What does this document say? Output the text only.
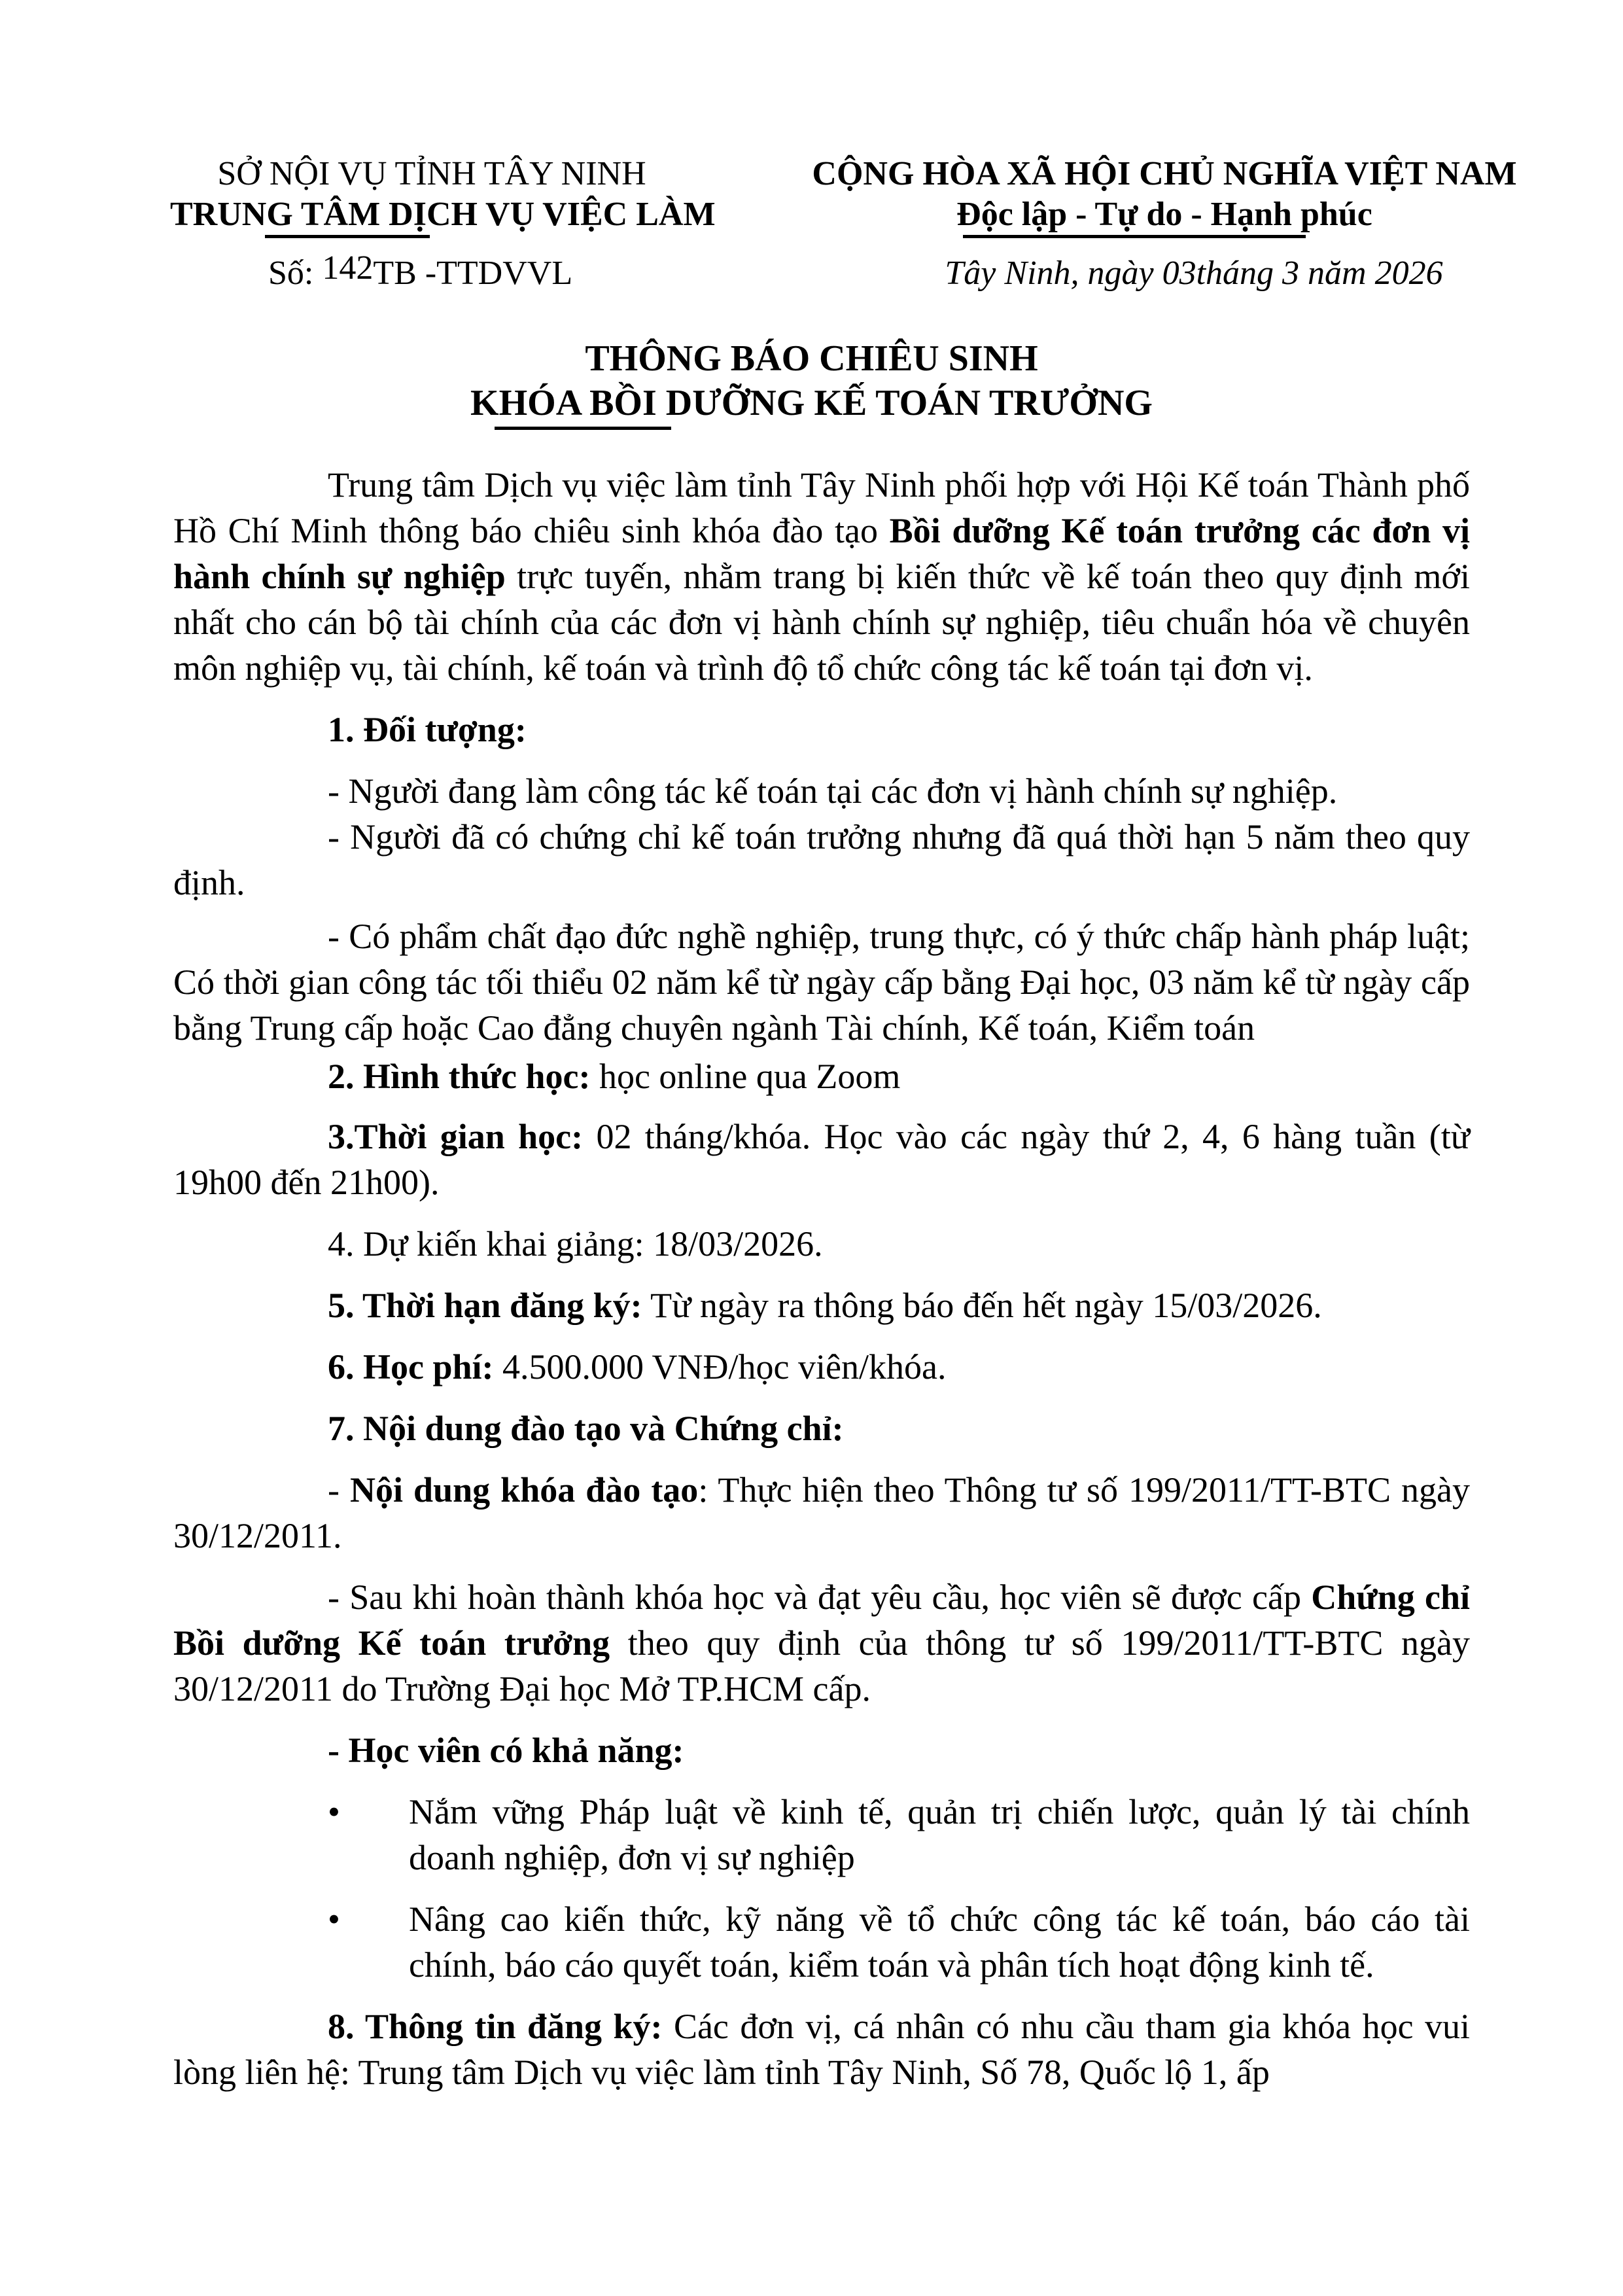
SỞ NỘI VỤ TỈNH TÂY NINH
TRUNG TÂM DỊCH VỤ VIỆC LÀM
Số: 142TB -TTDVVL
CỘNG HÒA XÃ HỘI CHỦ NGHĨA VIỆT NAM
Độc lập - Tự do - Hạnh phúc
Tây Ninh, ngày 03tháng 3 năm 2026
THÔNG BÁO CHIÊU SINH
KHÓA BỒI DƯỠNG KẾ TOÁN TRƯỞNG

Trung tâm Dịch vụ việc làm tỉnh Tây Ninh phối hợp với Hội Kế toán Thành phố Hồ Chí Minh thông báo chiêu sinh khóa đào tạo Bồi dưỡng Kế toán trưởng các đơn vị hành chính sự nghiệp trực tuyến, nhằm trang bị kiến thức về kế toán theo quy định mới nhất cho cán bộ tài chính của các đơn vị hành chính sự nghiệp, tiêu chuẩn hóa về chuyên môn nghiệp vụ, tài chính, kế toán và trình độ tổ chức công tác kế toán tại đơn vị.

1. Đối tượng:

- Người đang làm công tác kế toán tại các đơn vị hành chính sự nghiệp.

- Người đã có chứng chỉ kế toán trưởng nhưng đã quá thời hạn 5 năm theo quy định.

- Có phẩm chất đạo đức nghề nghiệp, trung thực, có ý thức chấp hành pháp luật; Có thời gian công tác tối thiểu 02 năm kể từ ngày cấp bằng Đại học, 03 năm kể từ ngày cấp bằng Trung cấp hoặc Cao đẳng chuyên ngành Tài chính, Kế toán, Kiểm toán

2. Hình thức học: học online qua Zoom

3.Thời gian học: 02 tháng/khóa. Học vào các ngày thứ 2, 4, 6 hàng tuần (từ 19h00 đến 21h00).

4. Dự kiến khai giảng: 18/03/2026.

5. Thời hạn đăng ký: Từ ngày ra thông báo đến hết ngày 15/03/2026.

6. Học phí: 4.500.000 VNĐ/học viên/khóa.

7. Nội dung đào tạo và Chứng chỉ:

- Nội dung khóa đào tạo: Thực hiện theo Thông tư số 199/2011/TT-BTC ngày 30/12/2011.

- Sau khi hoàn thành khóa học và đạt yêu cầu, học viên sẽ được cấp Chứng chỉ Bồi dưỡng Kế toán trưởng theo quy định của thông tư số 199/2011/TT-BTC ngày 30/12/2011 do Trường Đại học Mở TP.HCM cấp.

- Học viên có khả năng:

•	Nắm vững Pháp luật về kinh tế, quản trị chiến lược, quản lý tài chính doanh nghiệp, đơn vị sự nghiệp
•	Nâng cao kiến thức, kỹ năng về tổ chức công tác kế toán, báo cáo tài chính, báo cáo quyết toán, kiểm toán và phân tích hoạt động kinh tế.

8. Thông tin đăng ký: Các đơn vị, cá nhân có nhu cầu tham gia khóa học vui lòng liên hệ: Trung tâm Dịch vụ việc làm tỉnh Tây Ninh, Số 78, Quốc lộ 1, ấp
